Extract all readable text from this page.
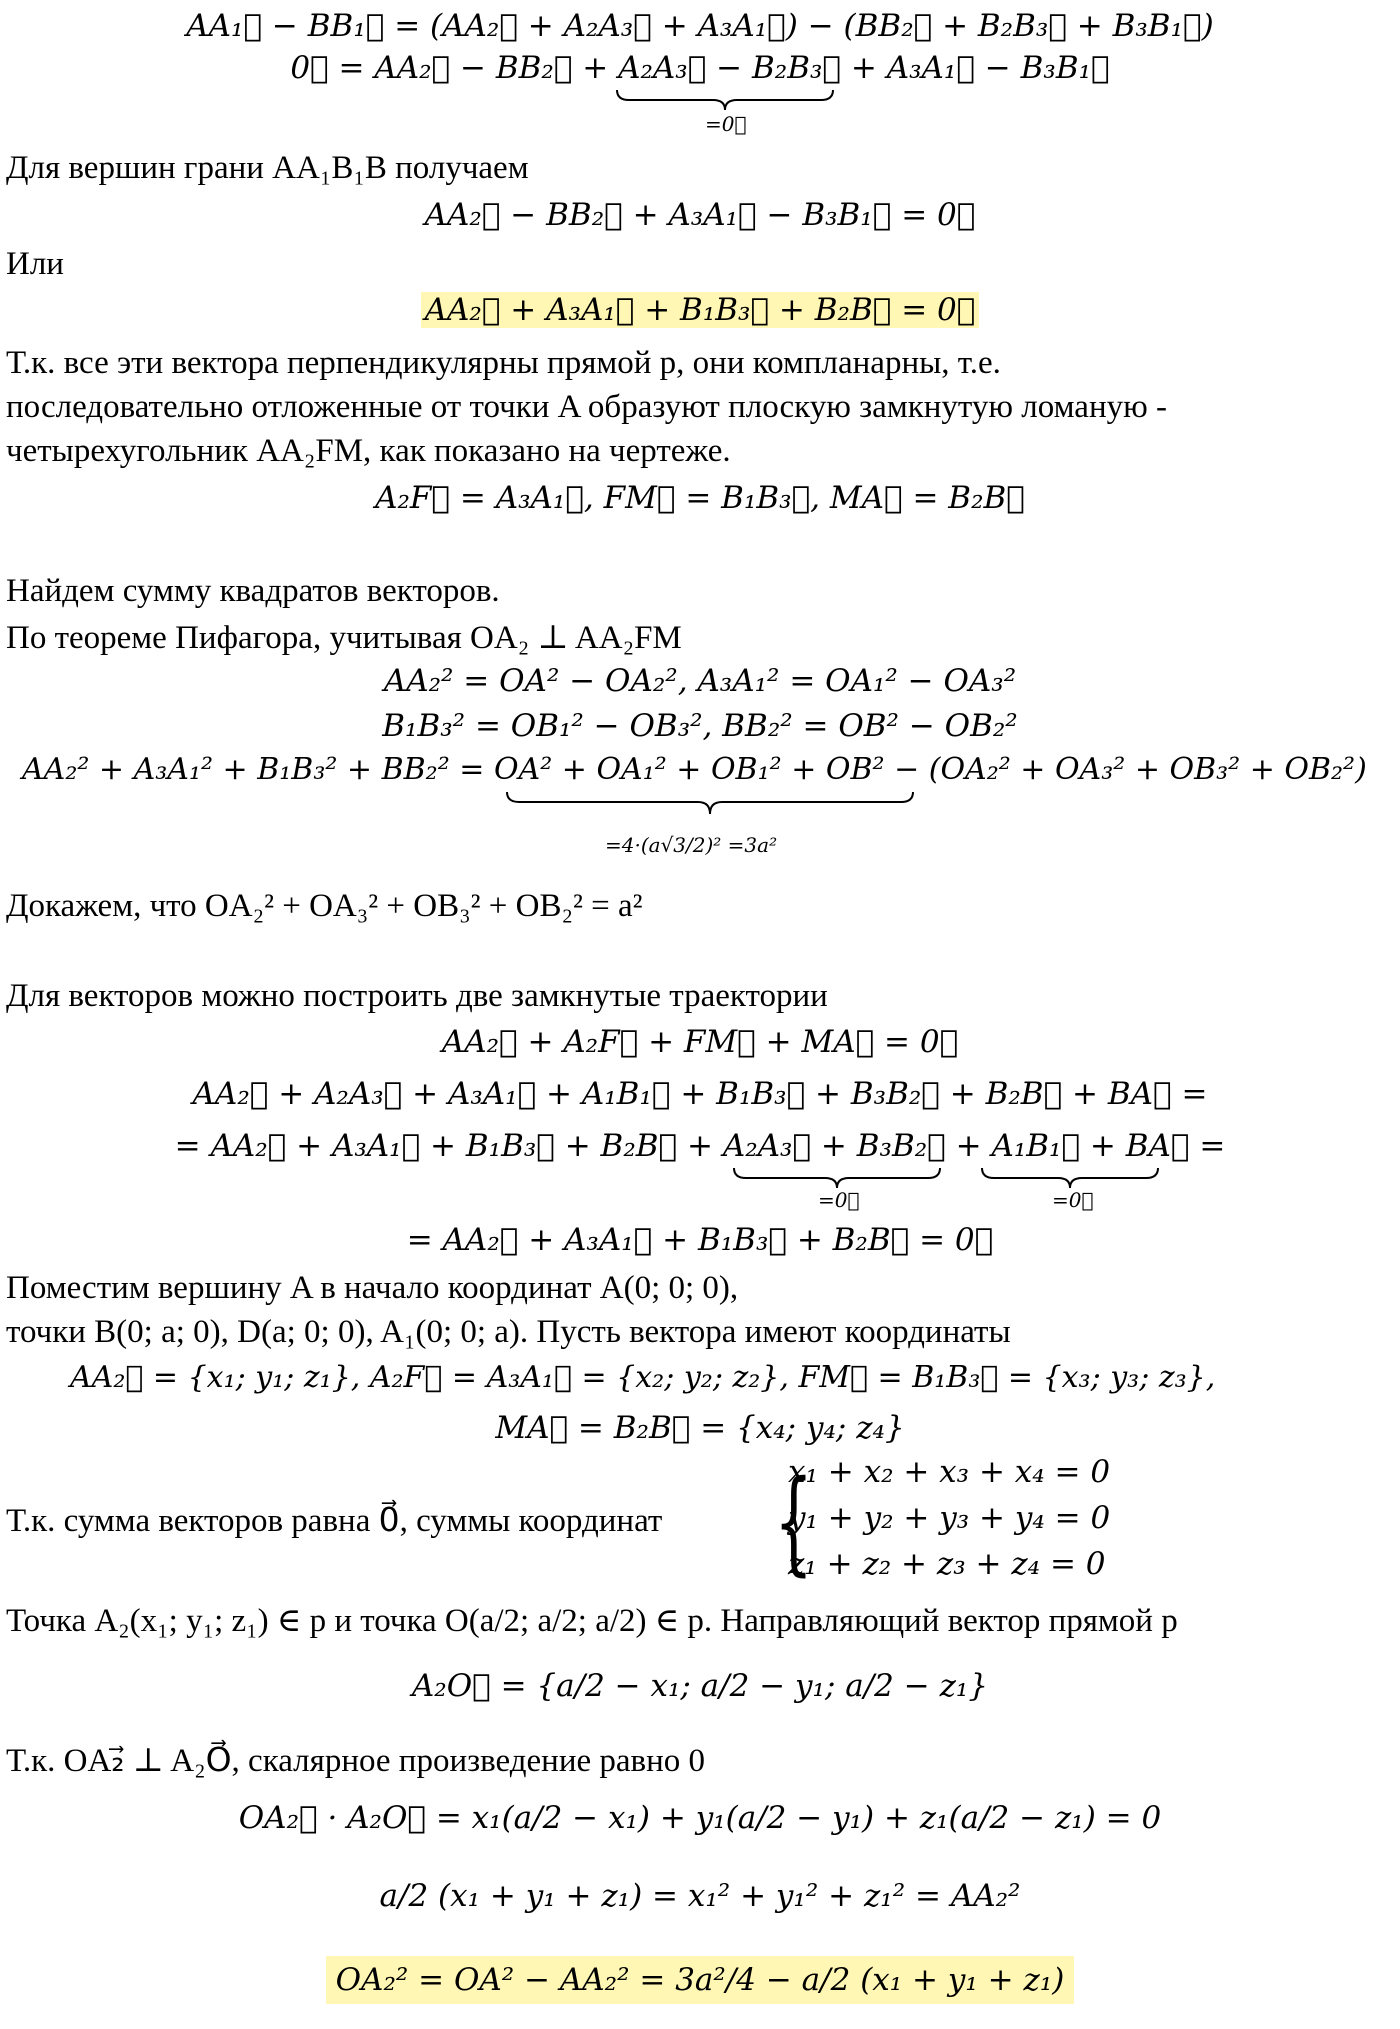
AA₁⃗ − BB₁⃗ = (AA₂⃗ + A₂A₃⃗ + A₃A₁⃗) − (BB₂⃗ + B₂B₃⃗ + B₃B₁⃗)
0⃗ = AA₂⃗ − BB₂⃗ + A₂A₃⃗ − B₂B₃⃗ + A₃A₁⃗ − B₃B₁⃗
=0⃗
Для вершин грани AA₁B₁B получаем
AA₂⃗ − BB₂⃗ + A₃A₁⃗ − B₃B₁⃗ = 0⃗
Или
AA₂⃗ + A₃A₁⃗ + B₁B₃⃗ + B₂B⃗ = 0⃗
Т.к. все эти вектора перпендикулярны прямой p, они компланарны, т.е.
последовательно отложенные от точки A образуют плоскую замкнутую ломаную -
четырехугольник AA₂FM, как показано на чертеже.
A₂F⃗ = A₃A₁⃗, FM⃗ = B₁B₃⃗, MA⃗ = B₂B⃗
Найдем сумму квадратов векторов.
По теореме Пифагора, учитывая OA₂ ⊥ AA₂FM
AA₂² = OA² − OA₂², A₃A₁² = OA₁² − OA₃²
B₁B₃² = OB₁² − OB₃², BB₂² = OB² − OB₂²
AA₂² + A₃A₁² + B₁B₃² + BB₂² = OA² + OA₁² + OB₁² + OB² − (OA₂² + OA₃² + OB₃² + OB₂²)
=4·(a√3/2)² =3a²
Докажем, что OA₂² + OA₃² + OB₃² + OB₂² = a²
Для векторов можно построить две замкнутые траектории
AA₂⃗ + A₂F⃗ + FM⃗ + MA⃗ = 0⃗
AA₂⃗ + A₂A₃⃗ + A₃A₁⃗ + A₁B₁⃗ + B₁B₃⃗ + B₃B₂⃗ + B₂B⃗ + BA⃗ =
= AA₂⃗ + A₃A₁⃗ + B₁B₃⃗ + B₂B⃗ + A₂A₃⃗ + B₃B₂⃗ + A₁B₁⃗ + BA⃗ =
=0⃗	=0⃗
= AA₂⃗ + A₃A₁⃗ + B₁B₃⃗ + B₂B⃗ = 0⃗
Поместим вершину A в начало координат A(0; 0; 0),
точки B(0; a; 0), D(a; 0; 0), A₁(0; 0; a). Пусть вектора имеют координаты
AA₂⃗ = {x₁; y₁; z₁}, A₂F⃗ = A₃A₁⃗ = {x₂; y₂; z₂}, FM⃗ = B₁B₃⃗ = {x₃; y₃; z₃},
MA⃗ = B₂B⃗ = {x₄; y₄; z₄}
x₁ + x₂ + x₃ + x₄ = 0
Т.к. сумма векторов равна 0⃗, суммы координат {
y₁ + y₂ + y₃ + y₄ = 0
z₁ + z₂ + z₃ + z₄ = 0
Точка A₂(x₁; y₁; z₁) ∈ p и точка O(a/2; a/2; a/2) ∈ p. Направляющий вектор прямой p
A₂O⃗ = {a/2 − x₁; a/2 − y₁; a/2 − z₁}
Т.к. OA₂⃗ ⊥ A₂O⃗, скалярное произведение равно 0
OA₂⃗ · A₂O⃗ = x₁(a/2 − x₁) + y₁(a/2 − y₁) + z₁(a/2 − z₁) = 0
a/2 (x₁ + y₁ + z₁) = x₁² + y₁² + z₁² = AA₂²
OA₂² = OA² − AA₂² = 3a²/4 − a/2 (x₁ + y₁ + z₁)
